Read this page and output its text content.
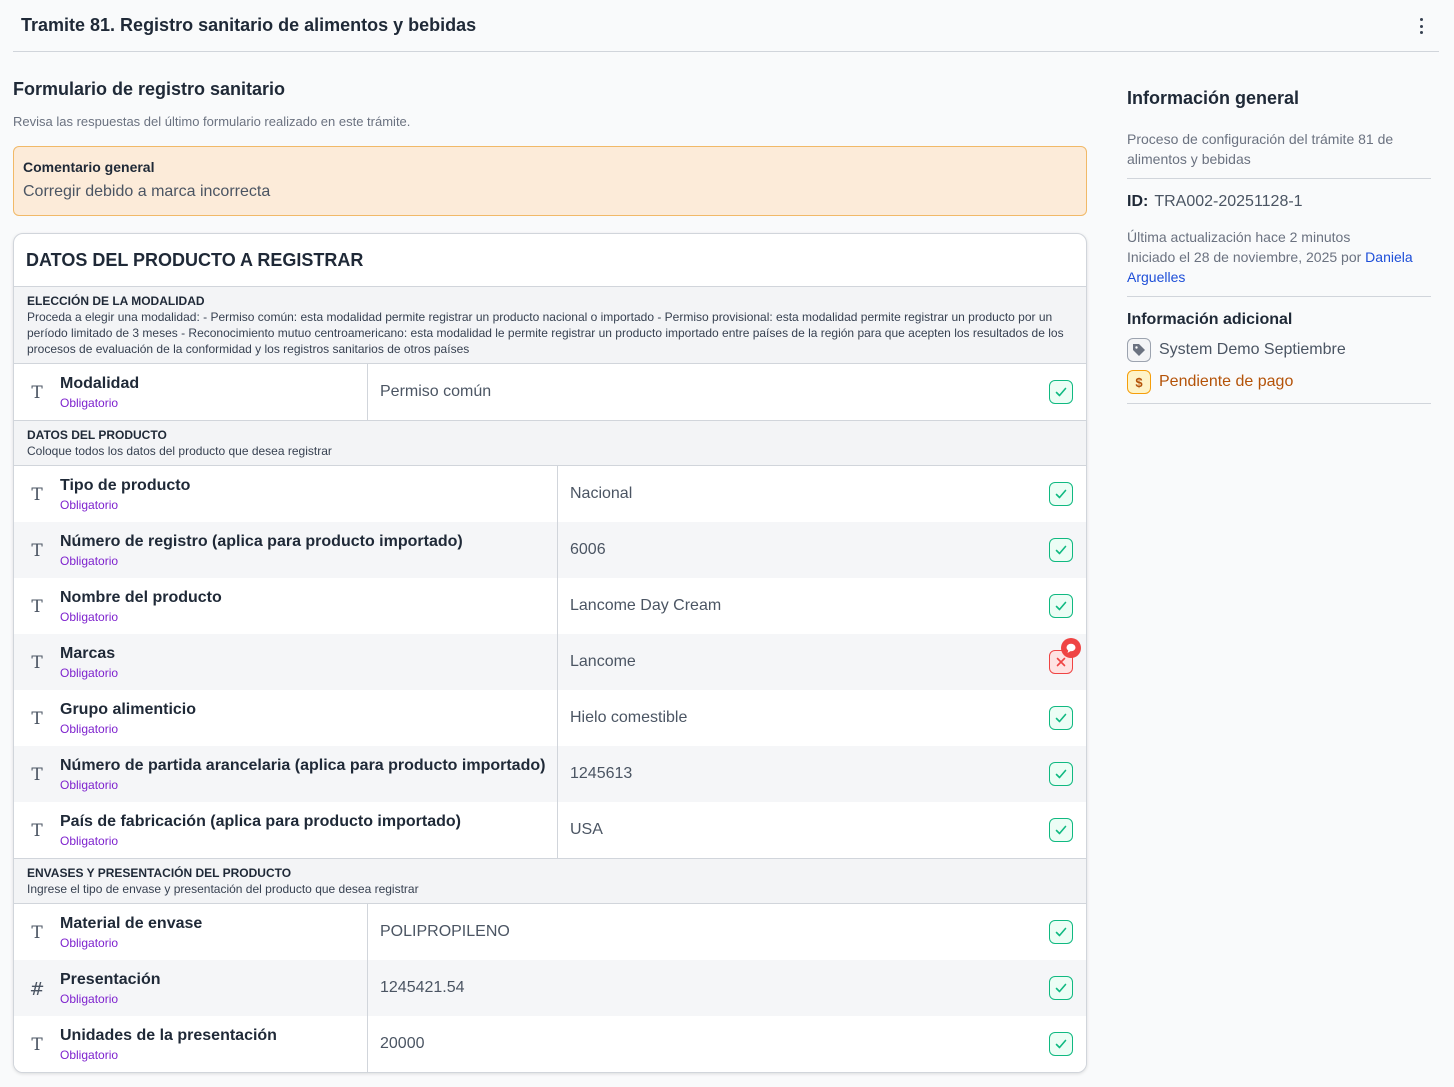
Tramite 81. Registro sanitario de alimentos y bebidas
Formulario de registro sanitario
Revisa las respuestas del último formulario realizado en este trámite.
Comentario general
Corregir debido a marca incorrecta
DATOS DEL PRODUCTO A REGISTRAR
ELECCIÓN DE LA MODALIDAD
Proceda a elegir una modalidad: - Permiso común: esta modalidad permite registrar un producto nacional o importado - Permiso provisional: esta modalidad permite registrar un producto por un período limitado de 3 meses - Reconocimiento mutuo centroamericano: esta modalidad le permite registrar un producto importado entre países de la región para que acepten los resultados de los procesos de evaluación de la conformidad y los registros sanitarios de otros países
T	Modalidad
Obligatorio
Permiso común
DATOS DEL PRODUCTO
Coloque todos los datos del producto que desea registrar
T	Tipo de producto
Obligatorio
Nacional
T	Número de registro (aplica para producto importado)
Obligatorio
6006
T	Nombre del producto
Obligatorio
Lancome Day Cream
T	Marcas
Obligatorio
Lancome
T	Grupo alimenticio
Obligatorio
Hielo comestible
T	Número de partida arancelaria (aplica para producto importado)
Obligatorio
1245613
T	País de fabricación (aplica para producto importado)
Obligatorio
USA
ENVASES Y PRESENTACIÓN DEL PRODUCTO
Ingrese el tipo de envase y presentación del producto que desea registrar
T	Material de envase
Obligatorio
POLIPROPILENO
# Presentación
Obligatorio
1245421.54
T	Unidades de la presentación
Obligatorio
20000
Información general
Proceso de configuración del trámite 81 de alimentos y bebidas
ID: TRA002-20251128-1
Última actualización hace 2 minutos
Iniciado el 28 de noviembre, 2025 por Daniela Arguelles
Información adicional
System Demo Septiembre
$	Pendiente de pago
